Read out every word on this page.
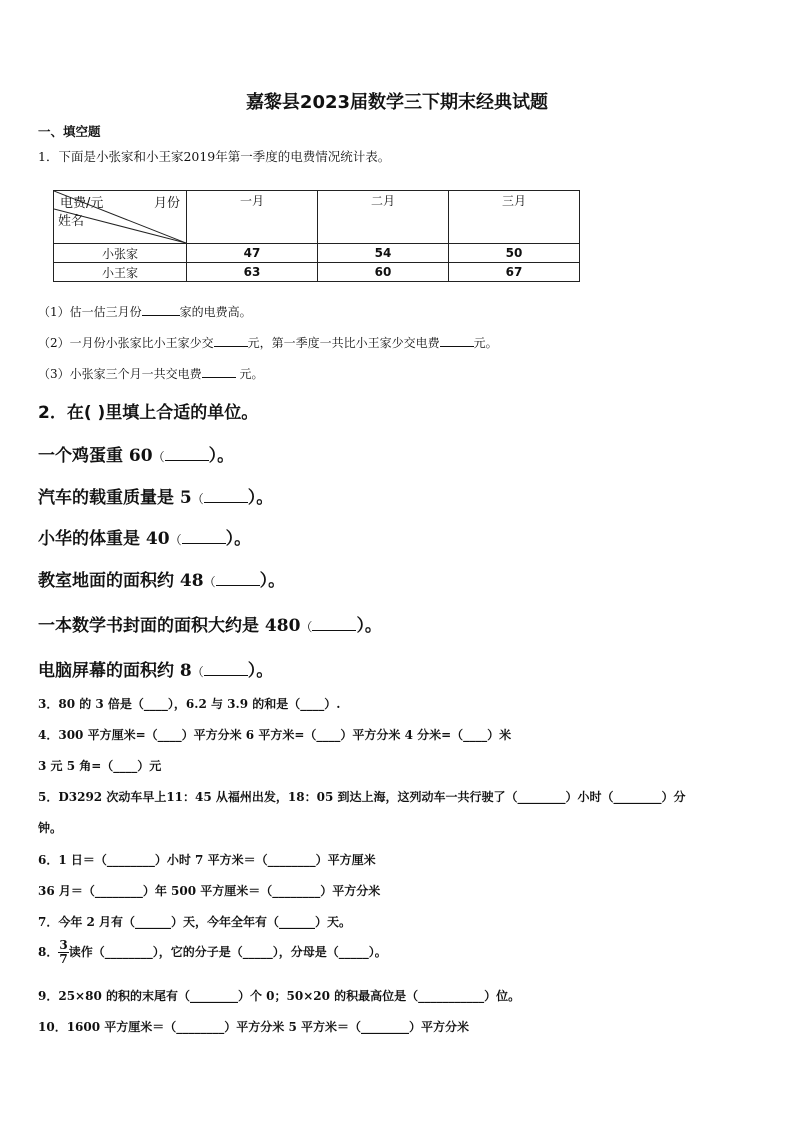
嘉黎县2023届数学三下期末经典试题
一、填空题
1．下面是小张家和小王家2019年第一季度的电费情况统计表。
电费/元 月份
姓名	一月	二月	三月

小张家	47	54	50
小王家	63	60	67
（1）估一估三月份	家的电费高。
（2）一月份小张家比小王家少交	元，第一季度一共比小王家少交电费	元。
（3）小张家三个月一共交电费	元。
2．在( )里填上合适的单位。
一个鸡蛋重 60（	）。
汽车的载重质量是 5（	）。
小华的体重是 40（	）。
教室地面的面积约 48（	）。
一本数学书封面的面积大约是 480（	）。
电脑屏幕的面积约 8（	）。
3．80 的 3 倍是（____），6.2 与 3.9 的和是（____）.
4．300 平方厘米=（____）平方分米 6 平方米=（____）平方分米 4 分米=（____）米
3 元 5 角=（____）元
5．D3292 次动车早上11：45 从福州出发，18：05 到达上海，这列动车一共行驶了（________）小时（________）分
钟。
6．1 日＝（________）小时 7 平方米＝（________）平方厘米
36 月＝（________）年 500 平方厘米＝（________）平方分米
7．今年 2 月有（______）天，今年全年有（______）天。
8． $\frac{3}{7}$ 读作（________），它的分子是（_____），分母是（_____）。
9．25×80 的积的末尾有（________）个 0；50×20 的积最高位是（___________）位。
10．1600 平方厘米＝（________）平方分米 5 平方米＝（________）平方分米
